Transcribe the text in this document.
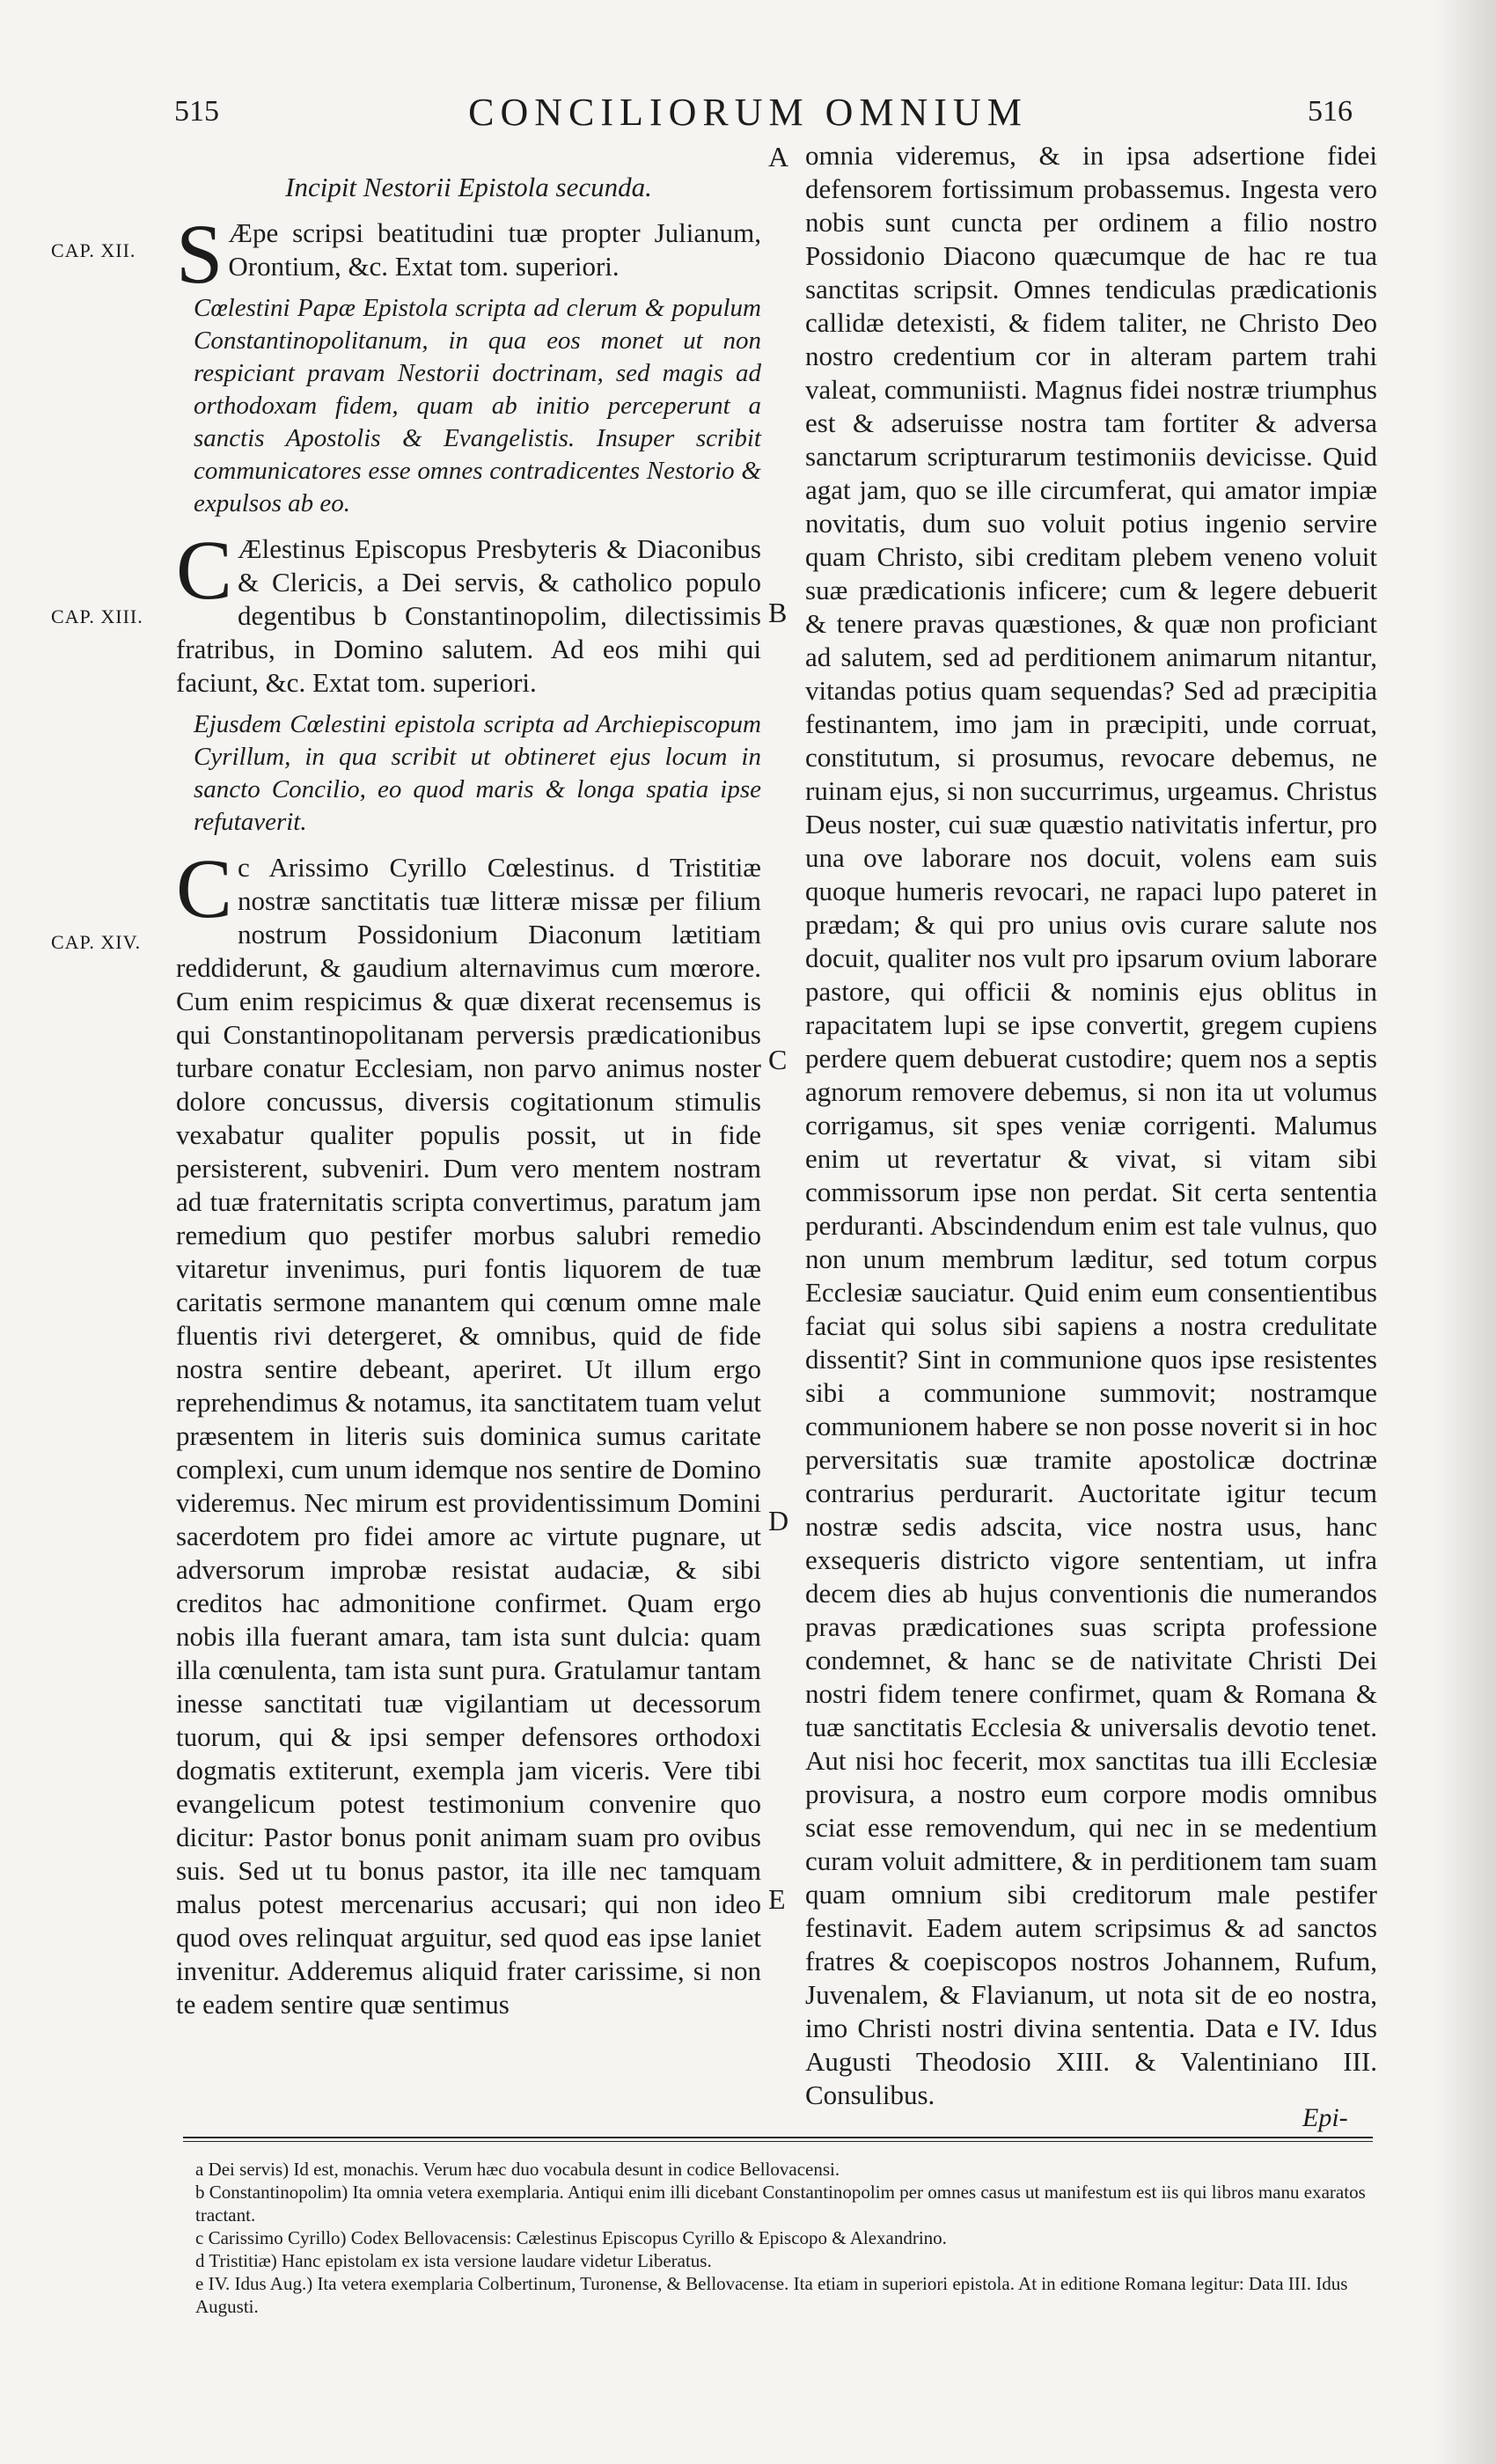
515	CONCILIORUM OMNIUM	516
CAP. XII.
CAP. XIII.
CAP. XIV.
A
B
C
D
E

Incipit Nestorii Epistola secunda.

S Æpe scripsi beatitudini tuæ propter Julianum, Orontium, &c. Extat tom. superiori.

Cœlestini Papæ Epistola scripta ad clerum & populum Constantinopolitanum, in qua eos monet ut non respiciant pravam Nestorii doctrinam, sed magis ad orthodoxam fidem, quam ab initio perceperunt a sanctis Apostolis & Evangelistis. Insuper scribit communicatores esse omnes contradicentes Nestorio & expulsos ab eo.

C Ælestinus Episcopus Presbyteris & Diaconibus & Clericis, a Dei servis, & catholico populo degentibus b Constantinopolim, dilectissimis fratribus, in Domino salutem. Ad eos mihi qui faciunt, &c. Extat tom. superiori.

Ejusdem Cœlestini epistola scripta ad Archiepiscopum Cyrillum, in qua scribit ut obtineret ejus locum in sancto Concilio, eo quod maris & longa spatia ipse refutaverit.

C c Arissimo Cyrillo Cœlestinus. d Tristitiæ nostræ sanctitatis tuæ litteræ missæ per filium nostrum Possidonium Diaconum lætitiam reddiderunt, & gaudium alternavimus cum mœrore. Cum enim respicimus & quæ dixerat recensemus is qui Constantinopolitanam perversis prædicationibus turbare conatur Ecclesiam, non parvo animus noster dolore concussus, diversis cogitationum stimulis vexabatur qualiter populis possit, ut in fide persisterent, subveniri. Dum vero mentem nostram ad tuæ fraternitatis scripta convertimus, paratum jam remedium quo pestifer morbus salubri remedio vitaretur invenimus, puri fontis liquorem de tuæ caritatis sermone manantem qui cœnum omne male fluentis rivi detergeret, & omnibus, quid de fide nostra sentire debeant, aperiret. Ut illum ergo reprehendimus & notamus, ita sanctitatem tuam velut præsentem in literis suis dominica sumus caritate complexi, cum unum idemque nos sentire de Domino videremus. Nec mirum est providentissimum Domini sacerdotem pro fidei amore ac virtute pugnare, ut adversorum improbæ resistat audaciæ, & sibi creditos hac admonitione confirmet. Quam ergo nobis illa fuerant amara, tam ista sunt dulcia: quam illa cœnulenta, tam ista sunt pura. Gratulamur tantam inesse sanctitati tuæ vigilantiam ut decessorum tuorum, qui & ipsi semper defensores orthodoxi dogmatis extiterunt, exempla jam viceris. Vere tibi evangelicum potest testimonium convenire quo dicitur: Pastor bonus ponit animam suam pro ovibus suis. Sed ut tu bonus pastor, ita ille nec tamquam malus potest mercenarius accusari; qui non ideo quod oves relinquat arguitur, sed quod eas ipse laniet invenitur. Adderemus aliquid frater carissime, si non te eadem sentire quæ sentimus

omnia videremus, & in ipsa adsertione fidei defensorem fortissimum probassemus. Ingesta vero nobis sunt cuncta per ordinem a filio nostro Possidonio Diacono quæcumque de hac re tua sanctitas scripsit. Omnes tendiculas prædicationis callidæ detexisti, & fidem taliter, ne Christo Deo nostro credentium cor in alteram partem trahi valeat, communiisti. Magnus fidei nostræ triumphus est & adseruisse nostra tam fortiter & adversa sanctarum scripturarum testimoniis devicisse. Quid agat jam, quo se ille circumferat, qui amator impiæ novitatis, dum suo voluit potius ingenio servire quam Christo, sibi creditam plebem veneno voluit suæ prædicationis inficere; cum & legere debuerit & tenere pravas quæstiones, & quæ non proficiant ad salutem, sed ad perditionem animarum nitantur, vitandas potius quam sequendas? Sed ad præcipitia festinantem, imo jam in præcipiti, unde corruat, constitutum, si prosumus, revocare debemus, ne ruinam ejus, si non succurrimus, urgeamus. Christus Deus noster, cui suæ quæstio nativitatis infertur, pro una ove laborare nos docuit, volens eam suis quoque humeris revocari, ne rapaci lupo pateret in prædam; & qui pro unius ovis curare salute nos docuit, qualiter nos vult pro ipsarum ovium laborare pastore, qui officii & nominis ejus oblitus in rapacitatem lupi se ipse convertit, gregem cupiens perdere quem debuerat custodire; quem nos a septis agnorum removere debemus, si non ita ut volumus corrigamus, sit spes veniæ corrigenti. Malumus enim ut revertatur & vivat, si vitam sibi commissorum ipse non perdat. Sit certa sententia perduranti. Abscindendum enim est tale vulnus, quo non unum membrum læditur, sed totum corpus Ecclesiæ sauciatur. Quid enim eum consentientibus faciat qui solus sibi sapiens a nostra credulitate dissentit? Sint in communione quos ipse resistentes sibi a communione summovit; nostramque communionem habere se non posse noverit si in hoc perversitatis suæ tramite apostolicæ doctrinæ contrarius perdurarit. Auctoritate igitur tecum nostræ sedis adscita, vice nostra usus, hanc exsequeris districto vigore sententiam, ut infra decem dies ab hujus conventionis die numerandos pravas prædicationes suas scripta professione condemnet, & hanc se de nativitate Christi Dei nostri fidem tenere confirmet, quam & Romana & tuæ sanctitatis Ecclesia & universalis devotio tenet. Aut nisi hoc fecerit, mox sanctitas tua illi Ecclesiæ provisura, a nostro eum corpore modis omnibus sciat esse removendum, qui nec in se medentium curam voluit admittere, & in perditionem tam suam quam omnium sibi creditorum male pestifer festinavit. Eadem autem scripsimus & ad sanctos fratres & coepiscopos nostros Johannem, Rufum, Juvenalem, & Flavianum, ut nota sit de eo nostra, imo Christi nostri divina sententia. Data e IV. Idus Augusti Theodosio XIII. & Valentiniano III. Consulibus.

Epi-

a Dei servis) Id est, monachis. Verum hæc duo vocabula desunt in codice Bellovacensi.

b Constantinopolim) Ita omnia vetera exemplaria. Antiqui enim illi dicebant Constantinopolim per omnes casus ut manifestum est iis qui libros manu exaratos tractant.

c Carissimo Cyrillo) Codex Bellovacensis: Cælestinus Episcopus Cyrillo & Episcopo & Alexandrino.

d Tristitiæ) Hanc epistolam ex ista versione laudare videtur Liberatus.

e IV. Idus Aug.) Ita vetera exemplaria Colbertinum, Turonense, & Bellovacense. Ita etiam in superiori epistola. At in editione Romana legitur: Data III. Idus Augusti.
